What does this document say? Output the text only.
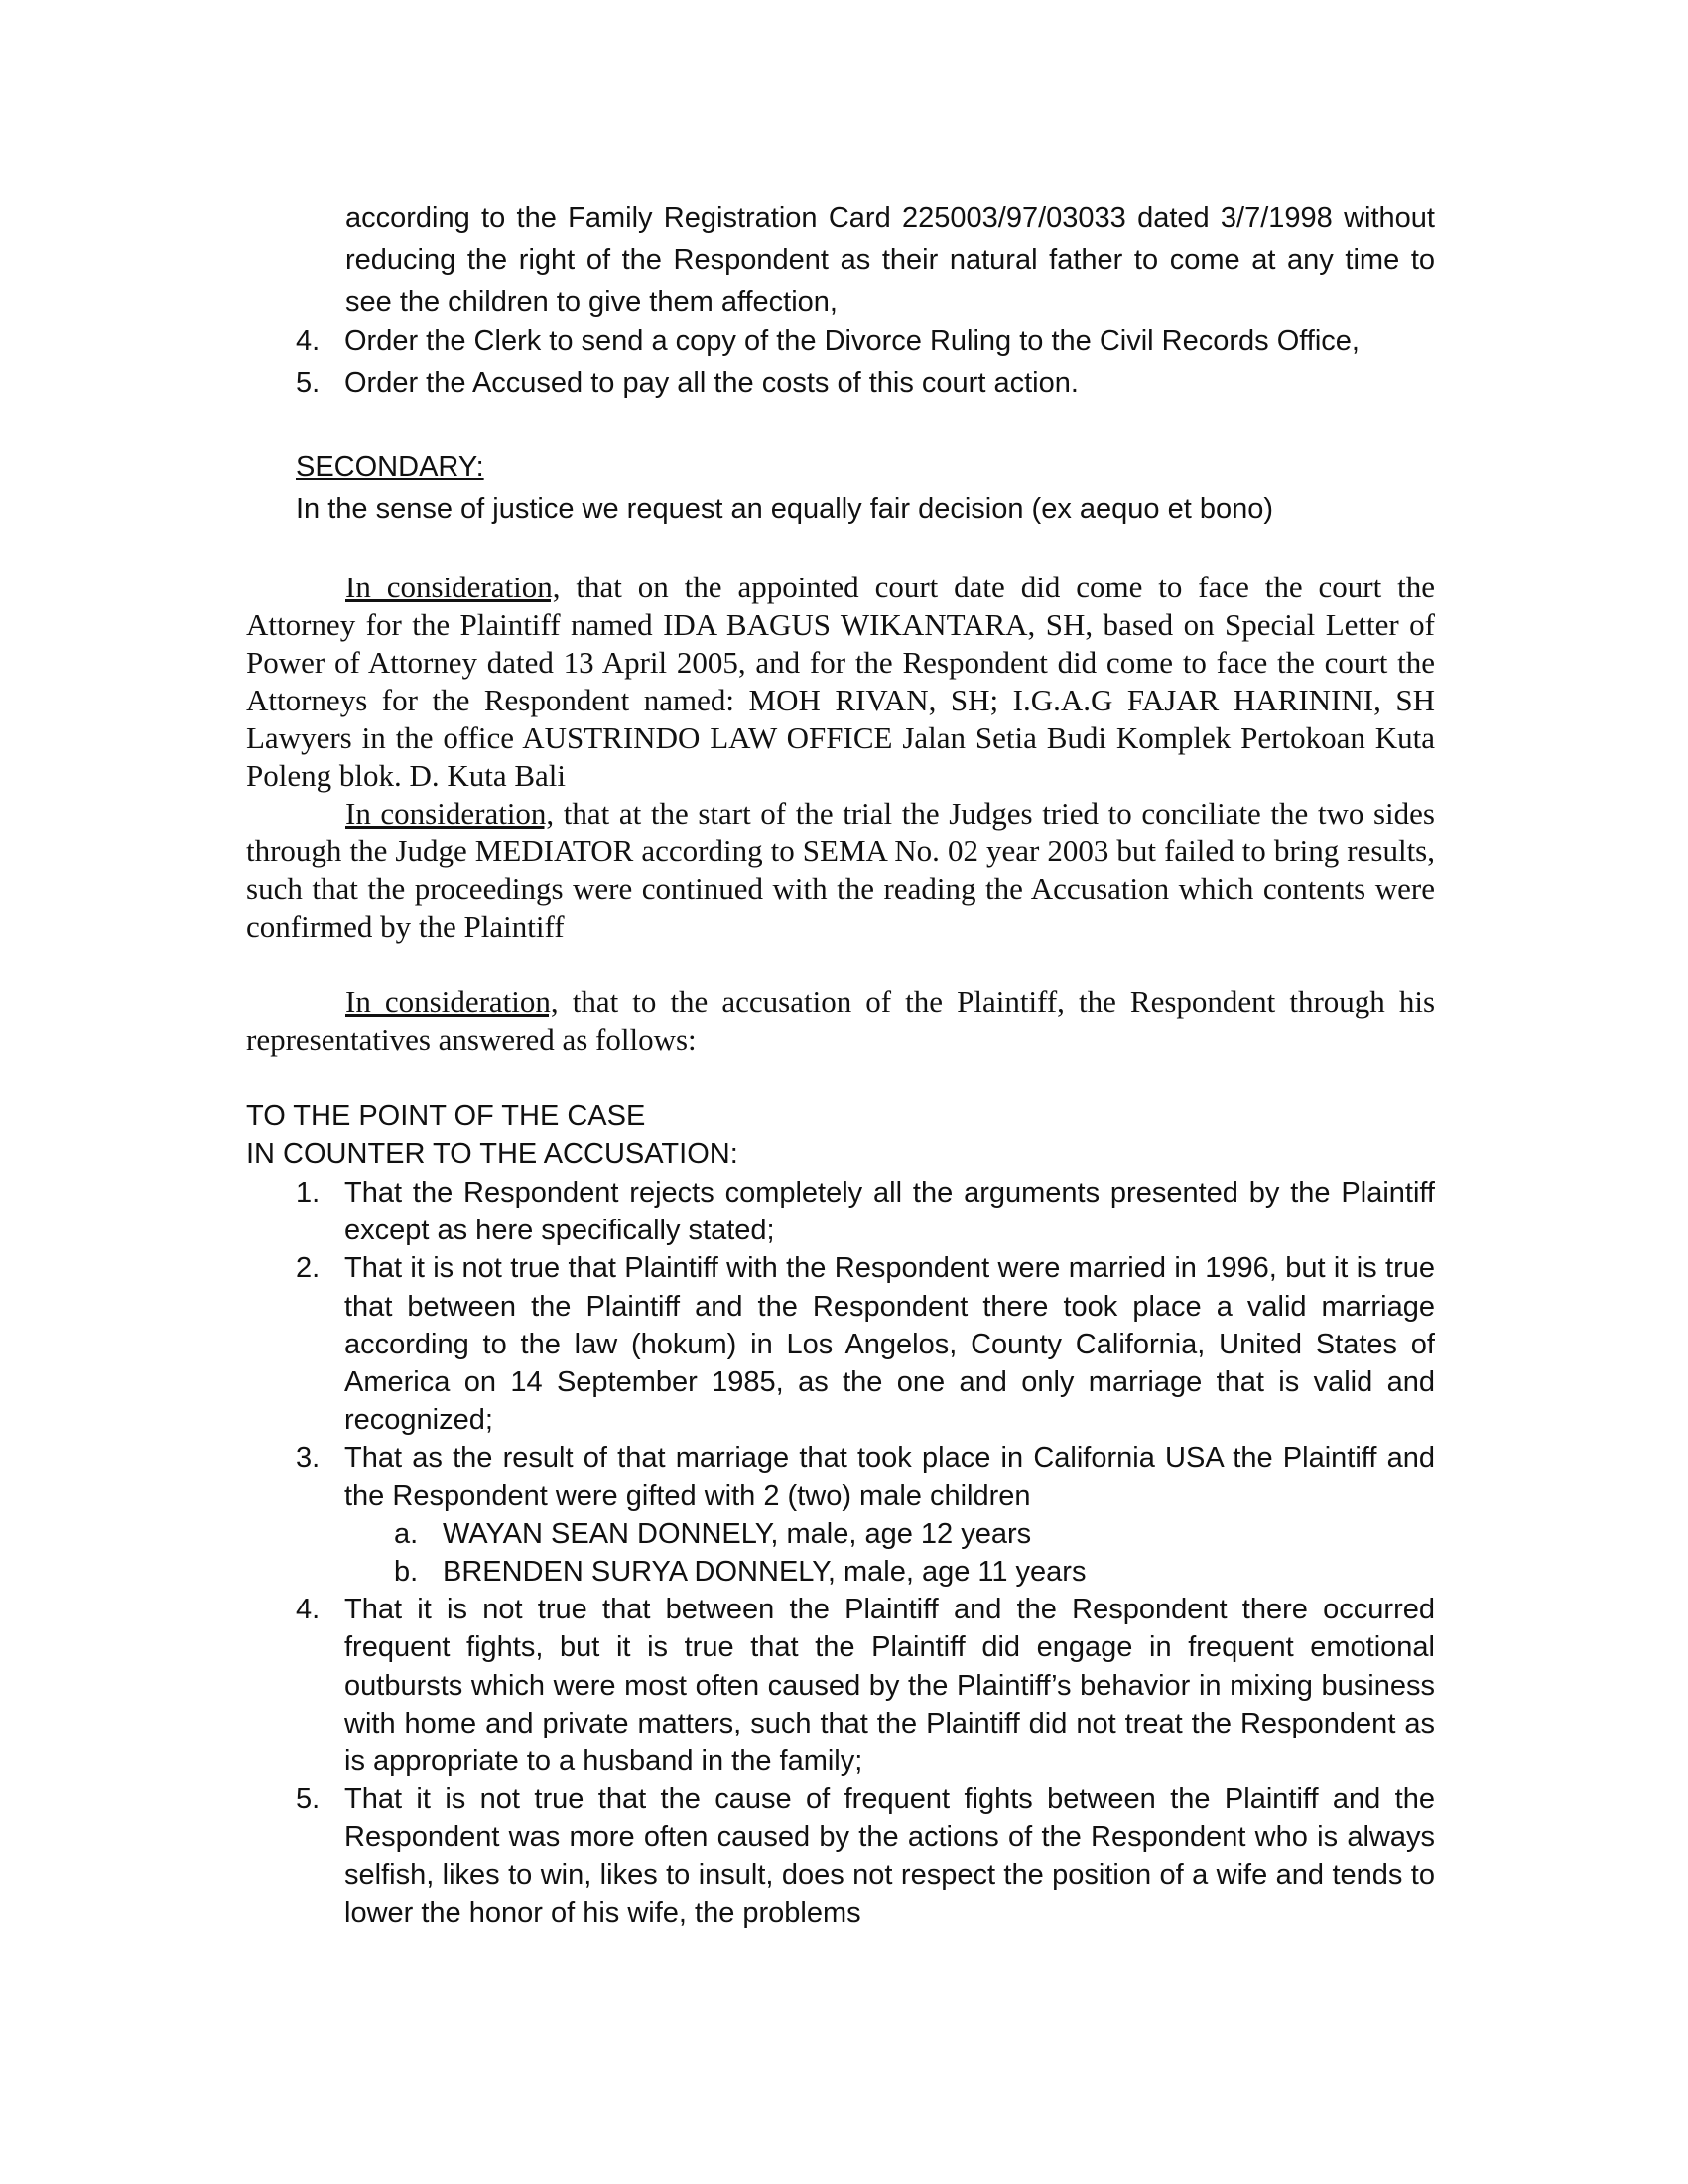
according to the Family Registration Card 225003/97/03033 dated 3/7/1998 without reducing the right of the Respondent as their natural father to come at any time to see the children to give them affection,
4. Order the Clerk to send a copy of the Divorce Ruling to the Civil Records Office,
5. Order the Accused to pay all the costs of this court action.
SECONDARY:
In the sense of justice we request an equally fair decision (ex aequo et bono)

In consideration, that on the appointed court date did come to face the court the Attorney for the Plaintiff named IDA BAGUS WIKANTARA, SH, based on Special Letter of Power of Attorney dated 13 April 2005, and for the Respondent did come to face the court the Attorneys for the Respondent named: MOH RIVAN, SH; I.G.A.G FAJAR HARININI, SH Lawyers in the office AUSTRINDO LAW OFFICE Jalan Setia Budi Komplek Pertokoan Kuta Poleng blok. D. Kuta Bali

In consideration, that at the start of the trial the Judges tried to conciliate the two sides through the Judge MEDIATOR according to SEMA No. 02 year 2003 but failed to bring results, such that the proceedings were continued with the reading the Accusation which contents were confirmed by the Plaintiff

In consideration, that to the accusation of the Plaintiff, the Respondent through his representatives answered as follows:

TO THE POINT OF THE CASE
IN COUNTER TO THE ACCUSATION:
1. That the Respondent rejects completely all the arguments presented by the Plaintiff except as here specifically stated;
2. That it is not true that Plaintiff with the Respondent were married in 1996, but it is true that between the Plaintiff and the Respondent there took place a valid marriage according to the law (hokum) in Los Angelos, County California, United States of America on 14 September 1985, as the one and only marriage that is valid and recognized;
3. That as the result of that marriage that took place in California USA the Plaintiff and the Respondent were gifted with 2 (two) male children
a. WAYAN SEAN DONNELY, male, age 12 years
b. BRENDEN SURYA DONNELY, male, age 11 years
4. That it is not true that between the Plaintiff and the Respondent there occurred frequent fights, but it is true that the Plaintiff did engage in frequent emotional outbursts which were most often caused by the Plaintiff’s behavior in mixing business with home and private matters, such that the Plaintiff did not treat the Respondent as is appropriate to a husband in the family;
5. That it is not true that the cause of frequent fights between the Plaintiff and the Respondent was more often caused by the actions of the Respondent who is always selfish, likes to win, likes to insult, does not respect the position of a wife and tends to lower the honor of his wife, the problems
